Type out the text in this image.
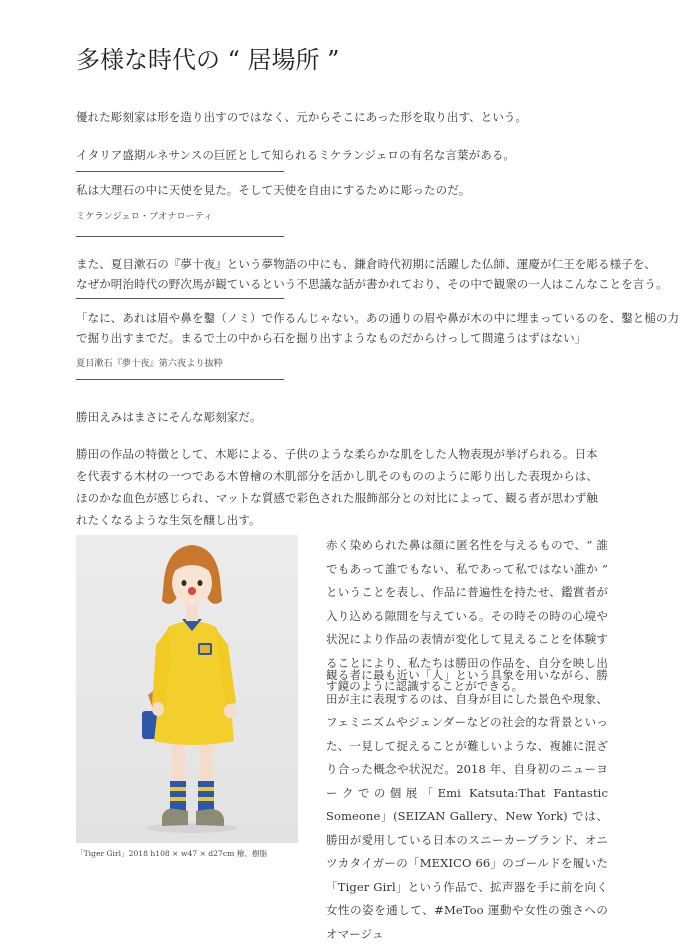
多様な時代の “ 居場所 ”
優れた彫刻家は形を造り出すのではなく、元からそこにあった形を取り出す、という。
イタリア盛期ルネサンスの巨匠として知られるミケランジェロの有名な言葉がある。
私は大理石の中に天使を見た。そして天使を自由にするために彫ったのだ。
ミケランジェロ・ブオナローティ
また、夏目漱石の『夢十夜』という夢物語の中にも、鎌倉時代初期に活躍した仏師、運慶が仁王を彫る様子を、
なぜか明治時代の野次馬が観ているという不思議な話が書かれており、その中で観衆の一人はこんなことを言う。
「なに、あれは眉や鼻を鑿（ノミ）で作るんじゃない。あの通りの眉や鼻が木の中に埋まっているのを、鑿と槌の力
で掘り出すまでだ。まるで土の中から石を掘り出すようなものだからけっして間違うはずはない」
夏目漱石『夢十夜』第六夜より抜粋
勝田えみはまさにそんな彫刻家だ。
勝田の作品の特徴として、木彫による、子供のような柔らかな肌をした人物表現が挙げられる。日本を代表する木材の一つである木曽檜の木肌部分を活かし肌そのもののように彫り出した表現からは、ほのかな血色が感じられ、マットな質感で彩色された服飾部分との対比によって、観る者が思わず触れたくなるような生気を醸し出す。
「Tiger Girl」2018 h108 × w47 × d27cm 檜、樹脂
赤く染められた鼻は顔に匿名性を与えるもので、“ 誰でもあって誰でもない、私であって私ではない誰か ” ということを表し、作品に普遍性を持たせ、鑑賞者が入り込める隙間を与えている。その時その時の心境や状況により作品の表情が変化して見えることを体験することにより、私たちは勝田の作品を、自分を映し出す鏡のように認識することができる。
観る者に最も近い「人」という具象を用いながら、勝田が主に表現するのは、自身が目にした景色や現象、フェミニズムやジェンダーなどの社会的な背景といった、一見して捉えることが難しいような、複雑に混ざり合った概念や状況だ。2018 年、自身初のニューヨークでの個展「Emi Katsuta:That Fantastic Someone」(SEIZAN Gallery、New York) では、勝田が愛用している日本のスニーカーブランド、オニツカタイガーの「MEXICO 66」のゴールドを履いた「Tiger Girl」という作品で、拡声器を手に前を向く女性の姿を通して、#MeToo 運動や女性の強さへのオマージュ
